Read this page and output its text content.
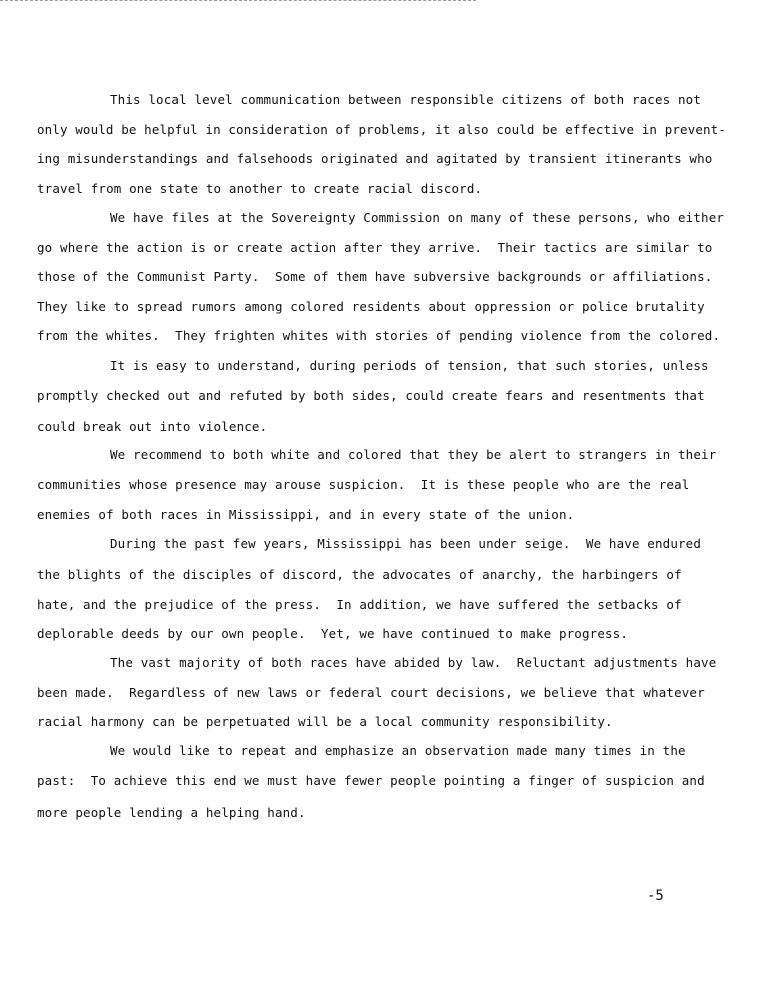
This local level communication between responsible citizens of both races not
only would be helpful in consideration of problems, it also could be effective in prevent-
ing misunderstandings and falsehoods originated and agitated by transient itinerants who
travel from one state to another to create racial discord.
We have files at the Sovereignty Commission on many of these persons, who either
go where the action is or create action after they arrive.  Their tactics are similar to
those of the Communist Party.  Some of them have subversive backgrounds or affiliations.
They like to spread rumors among colored residents about oppression or police brutality
from the whites.  They frighten whites with stories of pending violence from the colored.
It is easy to understand, during periods of tension, that such stories, unless
promptly checked out and refuted by both sides, could create fears and resentments that
could break out into violence.
We recommend to both white and colored that they be alert to strangers in their
communities whose presence may arouse suspicion.  It is these people who are the real
enemies of both races in Mississippi, and in every state of the union.
During the past few years, Mississippi has been under seige.  We have endured
the blights of the disciples of discord, the advocates of anarchy, the harbingers of
hate, and the prejudice of the press.  In addition, we have suffered the setbacks of
deplorable deeds by our own people.  Yet, we have continued to make progress.
The vast majority of both races have abided by law.  Reluctant adjustments have
been made.  Regardless of new laws or federal court decisions, we believe that whatever
racial harmony can be perpetuated will be a local community responsibility.
We would like to repeat and emphasize an observation made many times in the
past:  To achieve this end we must have fewer people pointing a finger of suspicion and
more people lending a helping hand.
-5
